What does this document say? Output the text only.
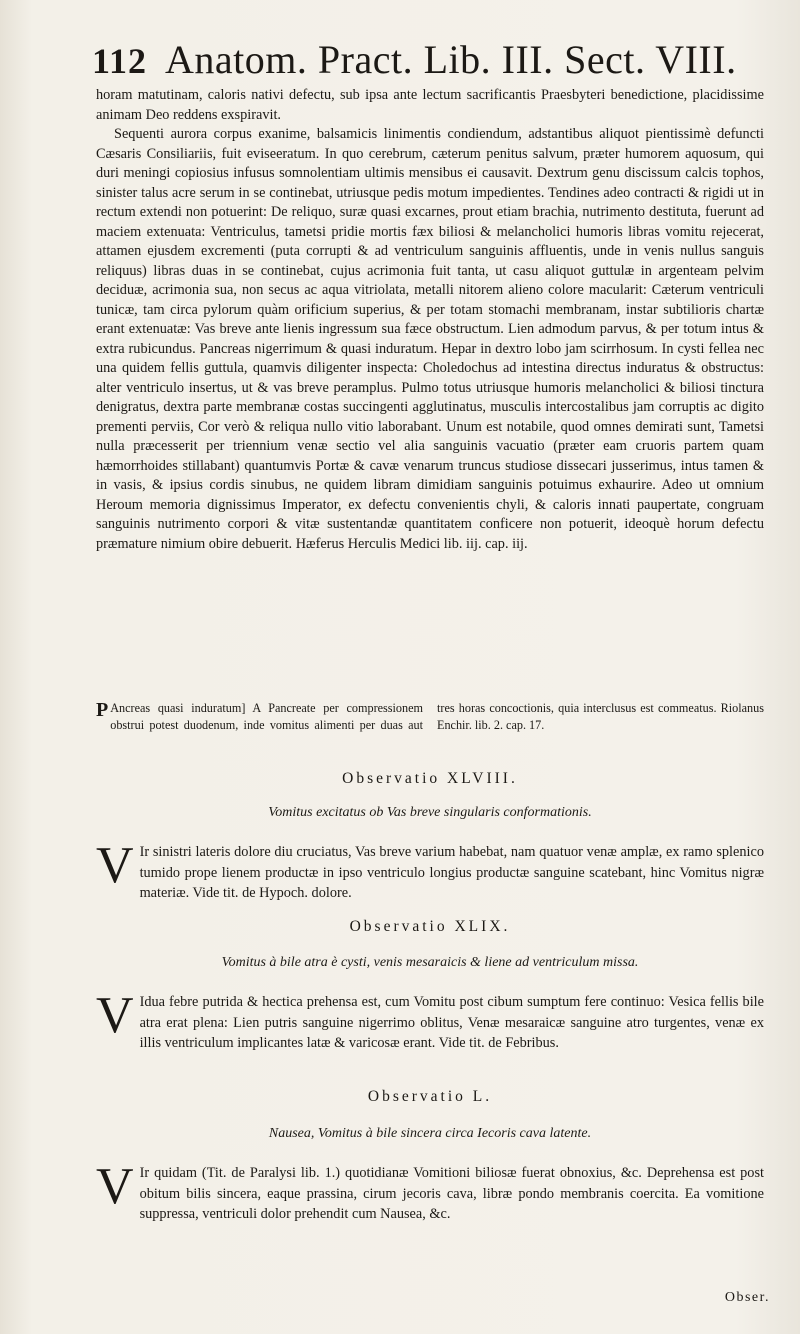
112 Anatom. Pract. Lib. III. Sect. VIII.

horam matutinam, caloris nativi defectu, sub ipsa ante lectum sacrificantis Praesbyteri benedictione, placidissime animam Deo reddens exspiravit.

Sequenti aurora corpus exanime, balsamicis linimentis condiendum, adstantibus aliquot pientissimè defuncti Cæsaris Consiliariis, fuit eviseeratum. In quo cerebrum, cæterum penitus salvum, præter humorem aquosum, qui duri meningi copiosius infusus somnolentiam ultimis mensibus ei causavit. Dextrum genu discissum calcis tophos, sinister talus acre serum in se continebat, utriusque pedis motum impedientes. Tendines adeo contracti & rigidi ut in rectum extendi non potuerint: De reliquo, suræ quasi excarnes, prout etiam brachia, nutrimento destituta, fuerunt ad maciem extenuata: Ventriculus, tametsi pridie mortis fæx biliosi & melancholici humoris libras vomitu rejecerat, attamen ejusdem excrementi (puta corrupti & ad ventriculum sanguinis affluentis, unde in venis nullus sanguis reliquus) libras duas in se continebat, cujus acrimonia fuit tanta, ut casu aliquot guttulæ in argenteam pelvim deciduæ, acrimonia sua, non secus ac aqua vitriolata, metalli nitorem alieno colore macularit: Cæterum ventriculi tunicæ, tam circa pylorum quàm orificium superius, & per totam stomachi membranam, instar subtilioris chartæ erant extenuatæ: Vas breve ante lienis ingressum sua fæce obstructum. Lien admodum parvus, & per totum intus & extra rubicundus. Pancreas nigerrimum & quasi induratum. Hepar in dextro lobo jam scirrhosum. In cysti fellea nec una quidem fellis guttula, quamvis diligenter inspecta: Choledochus ad intestina directus induratus & obstructus: alter ventriculo insertus, ut & vas breve peramplus. Pulmo totus utriusque humoris melancholici & biliosi tinctura denigratus, dextra parte membranæ costas succingenti agglutinatus, musculis intercostalibus jam corruptis ac digito prementi perviis, Cor verò & reliqua nullo vitio laborabant. Unum est notabile, quod omnes demirati sunt, Tametsi nulla præcesserit per triennium venæ sectio vel alia sanguinis vacuatio (præter eam cruoris partem quam hæmorrhoides stillabant) quantumvis Portæ & cavæ venarum truncus studiose dissecari jusserimus, intus tamen & in vasis, & ipsius cordis sinubus, ne quidem libram dimidiam sanguinis potuimus exhaurire. Adeo ut omnium Heroum memoria dignissimus Imperator, ex defectu convenientis chyli, & caloris innati paupertate, congruam sanguinis nutrimento corpori & vitæ sustentandæ quantitatem conficere non potuerit, ideoquè horum defectu præmature nimium obire debuerit. Hæferus Herculis Medici lib. iij. cap. iij.

P Ancreas quasi induratum] A Pancreate per compressionem obstrui potest duodenum, inde vomitus alimenti per duas aut tres horas concoctionis, quia interclusus est commeatus. Riolanus Enchir. lib. 2. cap. 17.
Observatio XLVIII.
Vomitus excitatus ob Vas breve singularis conformationis.
V Ir sinistri lateris dolore diu cruciatus, Vas breve varium habebat, nam quatuor venæ amplæ, ex ramo splenico tumido prope lienem productæ in ipso ventriculo longius productæ sanguine scatebant, hinc Vomitus nigræ materiæ. Vide tit. de Hypoch. dolore.
Observatio XLIX.
Vomitus à bile atra è cysti, venis mesaraicis & liene ad ventriculum missa.
V Idua febre putrida & hectica prehensa est, cum Vomitu post cibum sumptum fere continuo: Vesica fellis bile atra erat plena: Lien putris sanguine nigerrimo oblitus, Venæ mesaraicæ sanguine atro turgentes, venæ ex illis ventriculum implicantes latæ & varicosæ erant. Vide tit. de Febribus.
Observatio L.
Nausea, Vomitus à bile sincera circa Iecoris cava latente.
V Ir quidam (Tit. de Paralysi lib. 1.) quotidianæ Vomitioni biliosæ fuerat obnoxius, &c. Deprehensa est post obitum bilis sincera, eaque prassina, cirum jecoris cava, libræ pondo membranis coercita. Ea vomitione suppressa, ventriculi dolor prehendit cum Nausea, &c.
Obser.
